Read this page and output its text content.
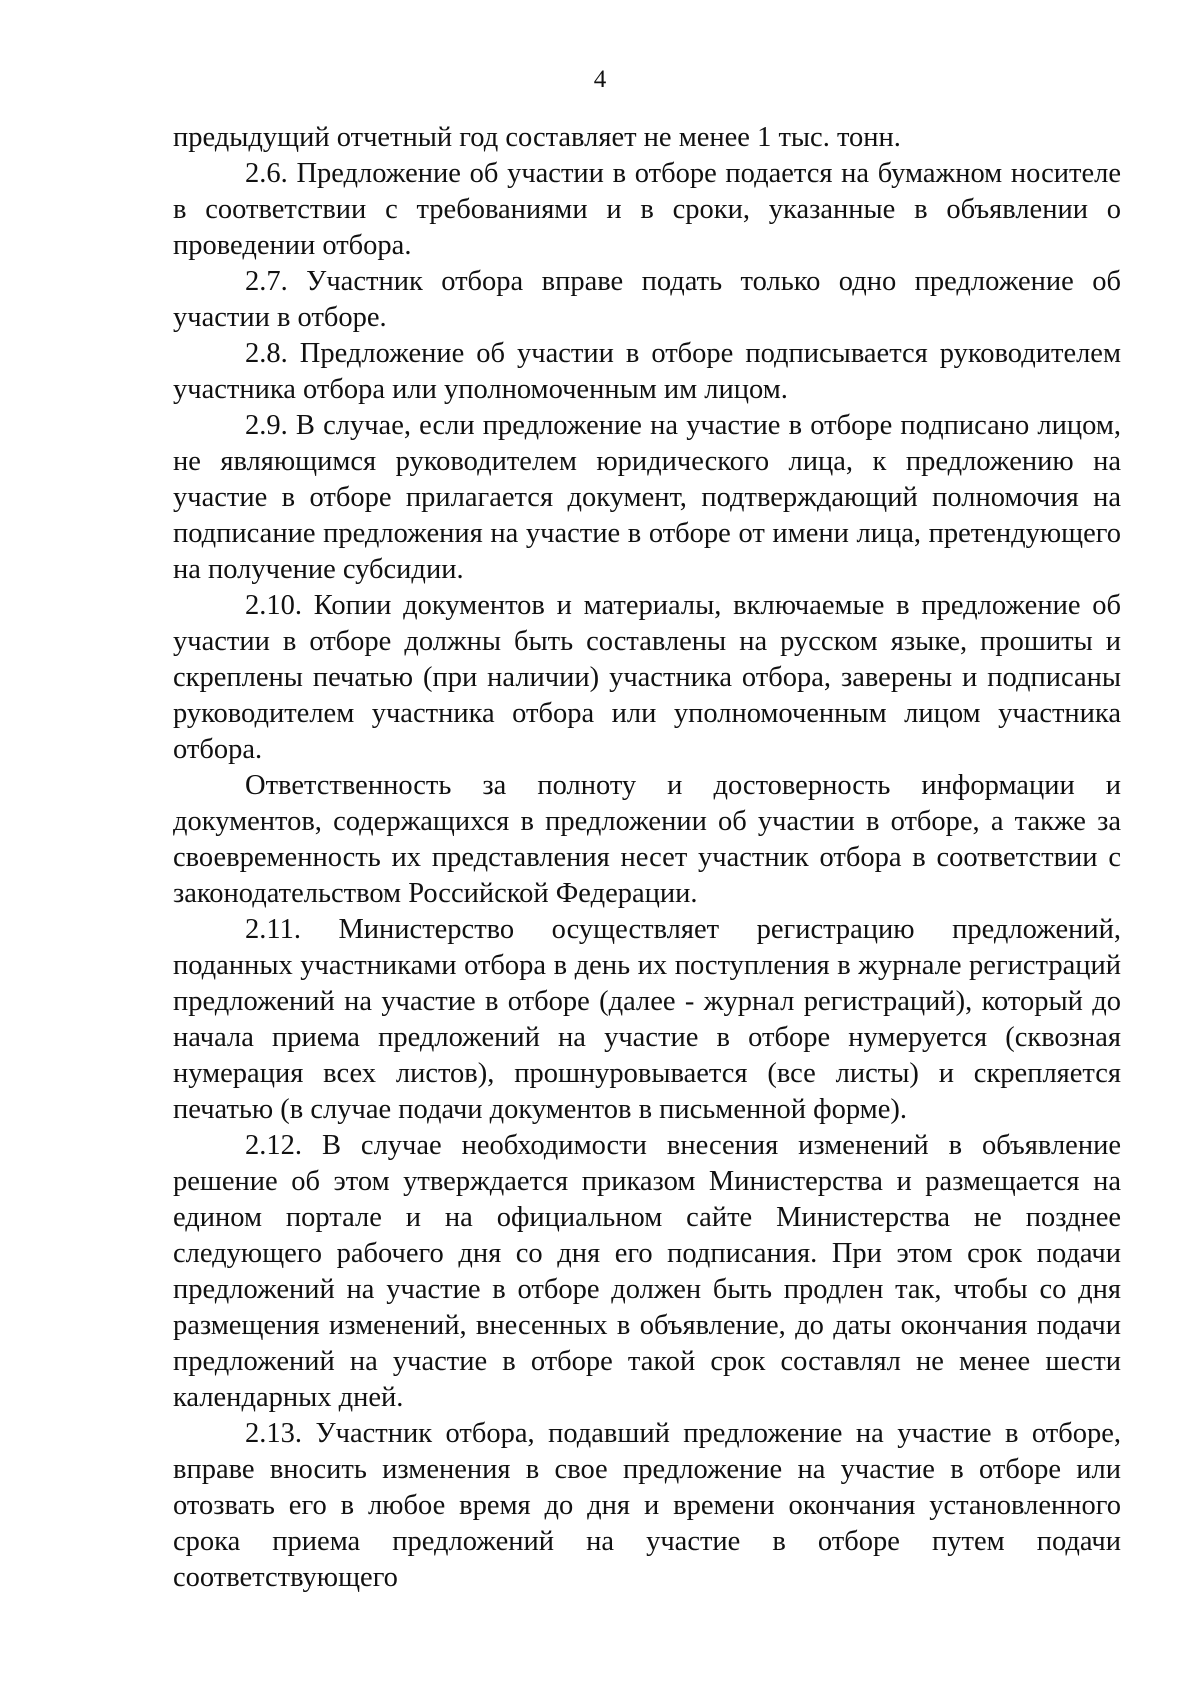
4

предыдущий отчетный год составляет не менее 1 тыс. тонн.

2.6. Предложение об участии в отборе подается на бумажном носителе в соответствии с требованиями и в сроки, указанные в объявлении о проведении отбора.

2.7. Участник отбора вправе подать только одно предложение об участии в отборе.

2.8. Предложение об участии в отборе подписывается руководителем участника отбора или уполномоченным им лицом.

2.9. В случае, если предложение на участие в отборе подписано лицом, не являющимся руководителем юридического лица, к предложению на участие в отборе прилагается документ, подтверждающий полномочия на подписание предложения на участие в отборе от имени лица, претендующего на получение субсидии.

2.10. Копии документов и материалы, включаемые в предложение об участии в отборе должны быть составлены на русском языке, прошиты и скреплены печатью (при наличии) участника отбора, заверены и подписаны руководителем участника отбора или уполномоченным лицом участника отбора.

Ответственность за полноту и достоверность информации и документов, содержащихся в предложении об участии в отборе, а также за своевременность их представления несет участник отбора в соответствии с законодательством Российской Федерации.

2.11. Министерство осуществляет регистрацию предложений, поданных участниками отбора в день их поступления в журнале регистраций предложений на участие в отборе (далее - журнал регистраций), который до начала приема предложений на участие в отборе нумеруется (сквозная нумерация всех листов), прошнуровывается (все листы) и скрепляется печатью (в случае подачи документов в письменной форме).

2.12. В случае необходимости внесения изменений в объявление решение об этом утверждается приказом Министерства и размещается на едином портале и на официальном сайте Министерства не позднее следующего рабочего дня со дня его подписания. При этом срок подачи предложений на участие в отборе должен быть продлен так, чтобы со дня размещения изменений, внесенных в объявление, до даты окончания подачи предложений на участие в отборе такой срок составлял не менее шести календарных дней.

2.13. Участник отбора, подавший предложение на участие в отборе, вправе вносить изменения в свое предложение на участие в отборе или отозвать его в любое время до дня и времени окончания установленного срока приема предложений на участие в отборе путем подачи соответствующего
